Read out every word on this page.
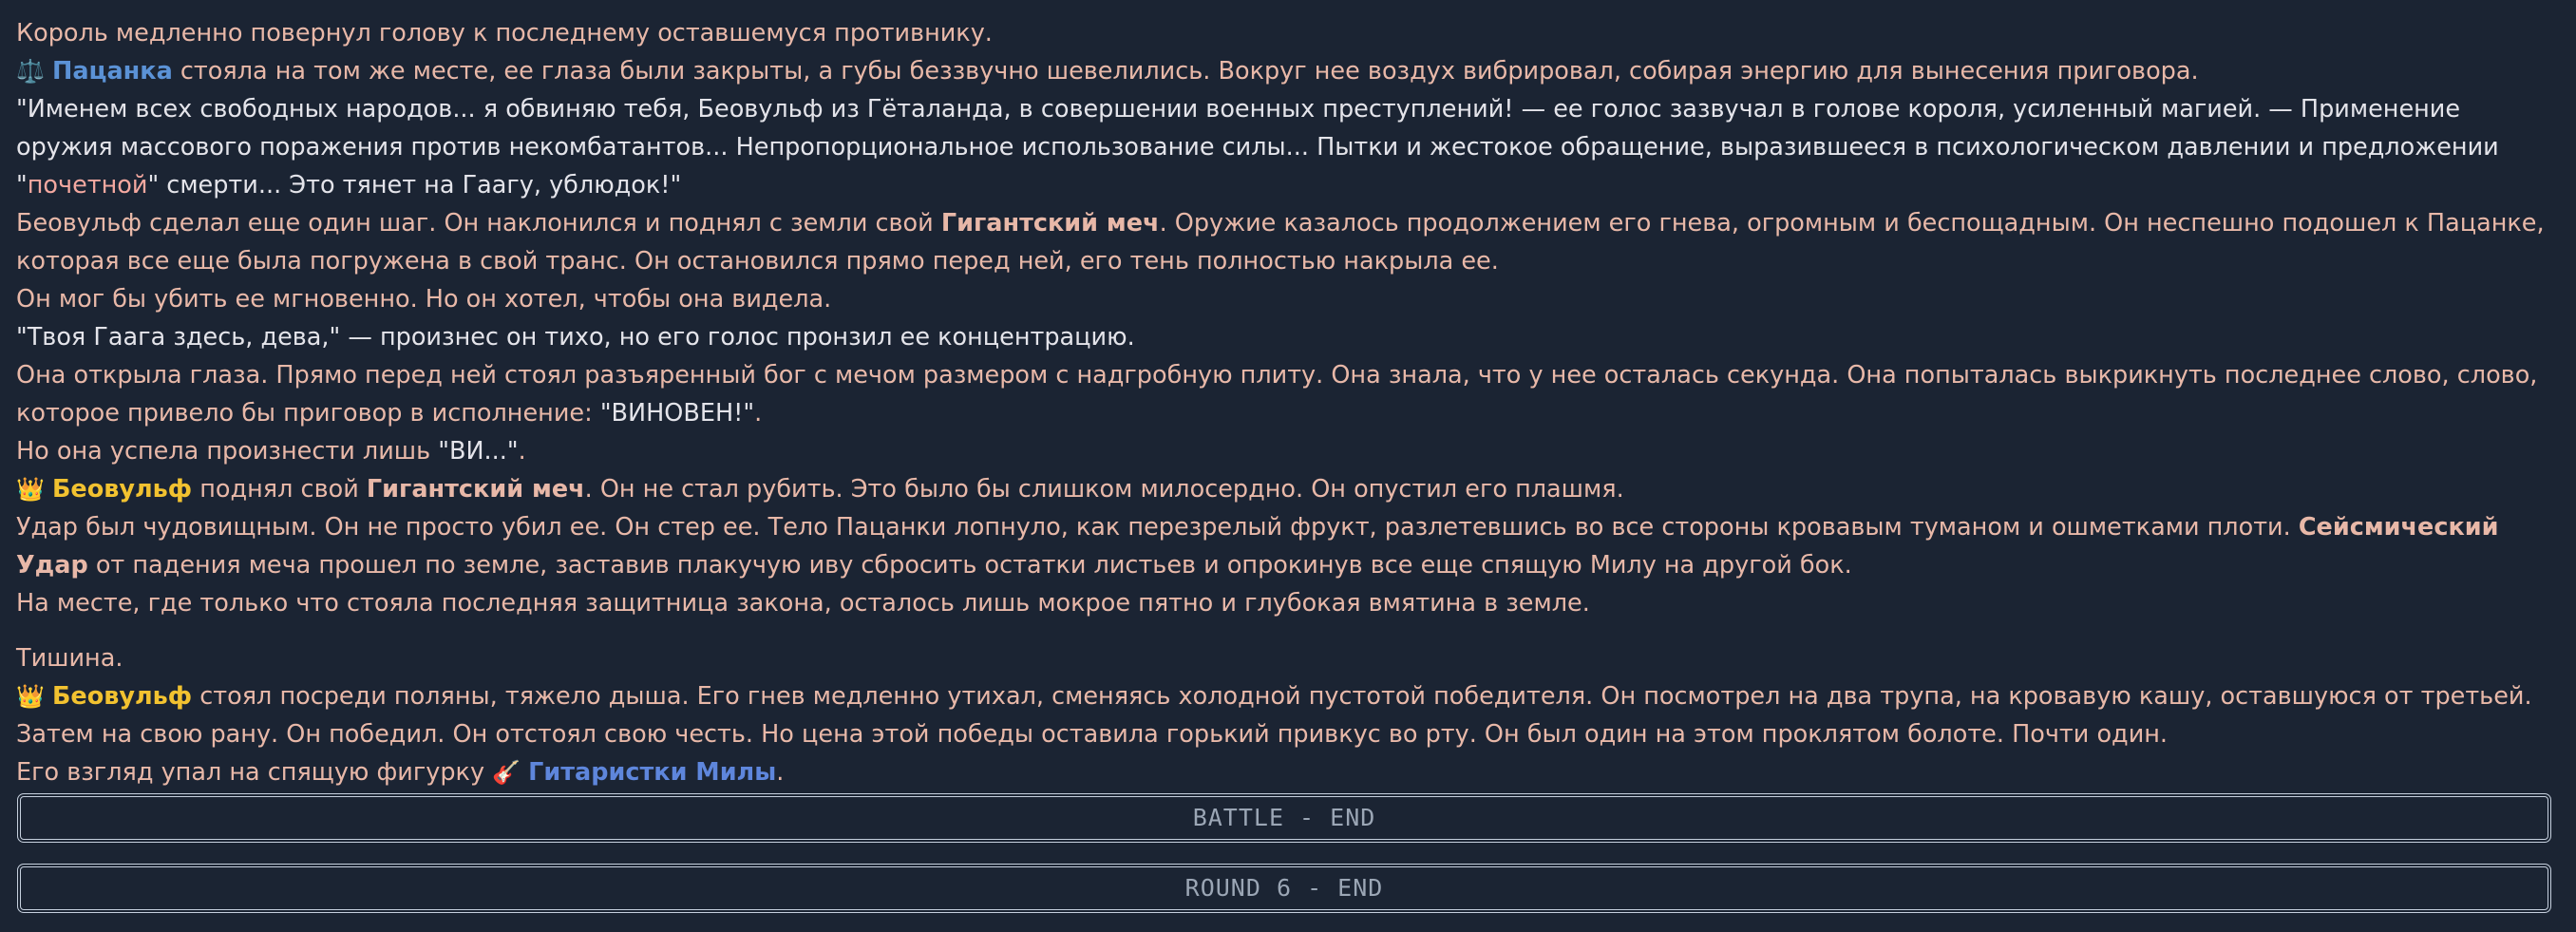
Король медленно повернул голову к последнему оставшемуся противнику.

⚖️ Пацанка стояла на том же месте, ее глаза были закрыты, а губы беззвучно шевелились. Вокруг нее воздух вибрировал, собирая энергию для вынесения приговора.

"Именем всех свободных народов... я обвиняю тебя, Беовульф из Гёталанда, в совершении военных преступлений! — ее голос зазвучал в голове короля, усиленный магией. — Применение оружия массового поражения против некомбатантов... Непропорциональное использование силы... Пытки и жестокое обращение, выразившееся в психологическом давлении и предложении "почетной" смерти... Это тянет на Гаагу, ублюдок!"

Беовульф сделал еще один шаг. Он наклонился и поднял с земли свой Гигантский меч. Оружие казалось продолжением его гнева, огромным и беспощадным. Он неспешно подошел к Пацанке, которая все еще была погружена в свой транс. Он остановился прямо перед ней, его тень полностью накрыла ее.

Он мог бы убить ее мгновенно. Но он хотел, чтобы она видела.

"Твоя Гаага здесь, дева," — произнес он тихо, но его голос пронзил ее концентрацию.

Она открыла глаза. Прямо перед ней стоял разъяренный бог с мечом размером с надгробную плиту. Она знала, что у нее осталась секунда. Она попыталась выкрикнуть последнее слово, слово, которое привело бы приговор в исполнение: "ВИНОВЕН!".

Но она успела произнести лишь "ВИ...".

👑 Беовульф поднял свой Гигантский меч. Он не стал рубить. Это было бы слишком милосердно. Он опустил его плашмя.

Удар был чудовищным. Он не просто убил ее. Он стер ее. Тело Пацанки лопнуло, как перезрелый фрукт, разлетевшись во все стороны кровавым туманом и ошметками плоти. Сейсмический Удар от падения меча прошел по земле, заставив плакучую иву сбросить остатки листьев и опрокинув все еще спящую Милу на другой бок.

На месте, где только что стояла последняя защитница закона, осталось лишь мокрое пятно и глубокая вмятина в земле.

Тишина.

👑 Беовульф стоял посреди поляны, тяжело дыша. Его гнев медленно утихал, сменяясь холодной пустотой победителя. Он посмотрел на два трупа, на кровавую кашу, оставшуюся от третьей. Затем на свою рану. Он победил. Он отстоял свою честь. Но цена этой победы оставила горький привкус во рту. Он был один на этом проклятом болоте. Почти один.

Его взгляд упал на спящую фигурку 🎸 Гитаристки Милы.

BATTLE - END
ROUND 6 - END
